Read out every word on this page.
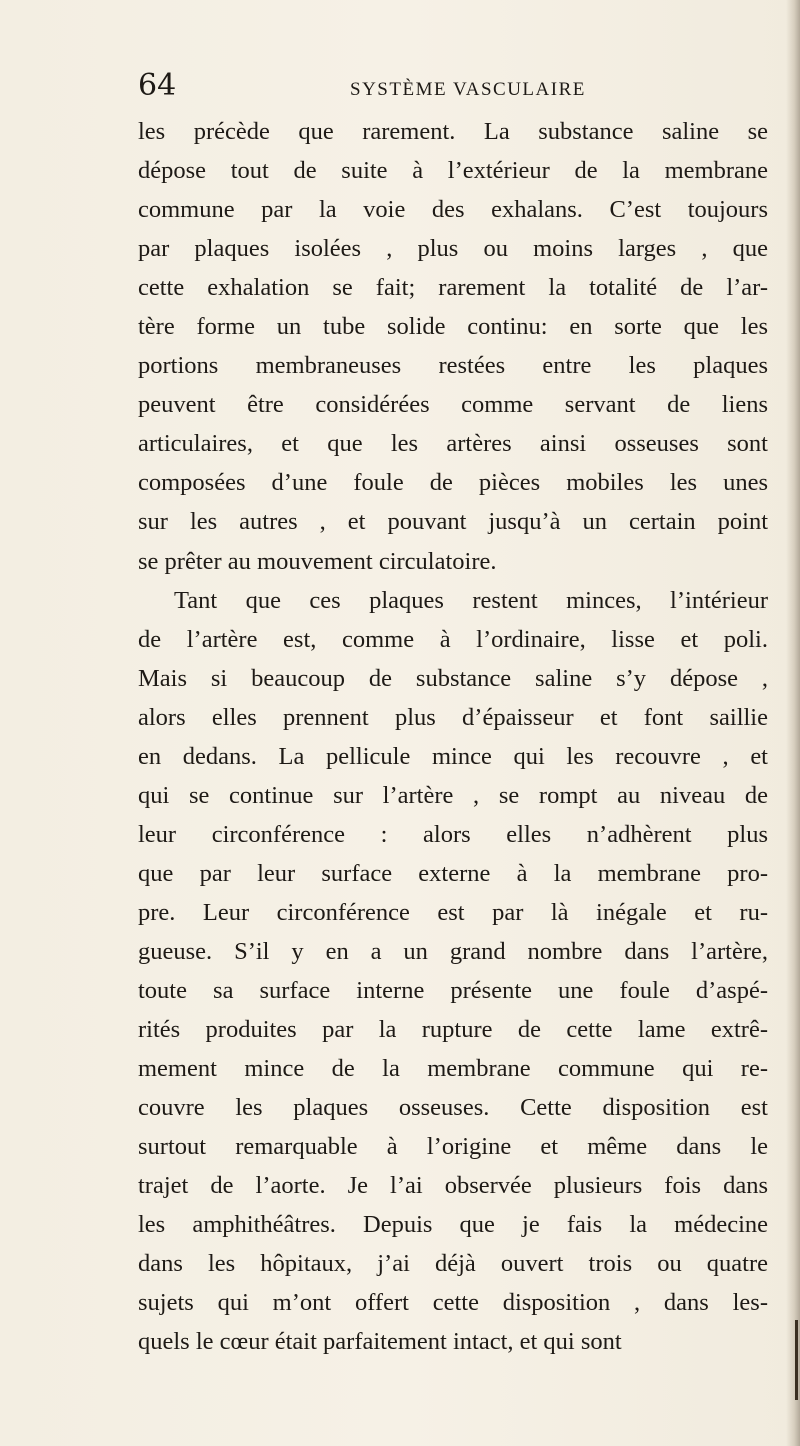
64	SYSTÈME VASCULAIRE
les précède que rarement. La substance saline se
dépose tout de suite à l’extérieur de la membrane
commune par la voie des exhalans. C’est toujours
par plaques isolées , plus ou moins larges , que
cette exhalation se fait; rarement la totalité de l’ar-
tère forme un tube solide continu: en sorte que les
portions membraneuses restées entre les plaques
peuvent être considérées comme servant de liens
articulaires, et que les artères ainsi osseuses sont
composées d’une foule de pièces mobiles les unes
sur les autres , et pouvant jusqu’à un certain point
se prêter au mouvement circulatoire.
Tant que ces plaques restent minces, l’intérieur
de l’artère est, comme à l’ordinaire, lisse et poli.
Mais si beaucoup de substance saline s’y dépose ,
alors elles prennent plus d’épaisseur et font saillie
en dedans. La pellicule mince qui les recouvre , et
qui se continue sur l’artère , se rompt au niveau de
leur circonférence : alors elles n’adhèrent plus
que par leur surface externe à la membrane pro-
pre. Leur circonférence est par là inégale et ru-
gueuse. S’il y en a un grand nombre dans l’artère,
toute sa surface interne présente une foule d’aspé-
rités produites par la rupture de cette lame extrê-
mement mince de la membrane commune qui re-
couvre les plaques osseuses. Cette disposition est
surtout remarquable à l’origine et même dans le
trajet de l’aorte. Je l’ai observée plusieurs fois dans
les amphithéâtres. Depuis que je fais la médecine
dans les hôpitaux, j’ai déjà ouvert trois ou quatre
sujets qui m’ont offert cette disposition , dans les-
quels le cœur était parfaitement intact, et qui sont
